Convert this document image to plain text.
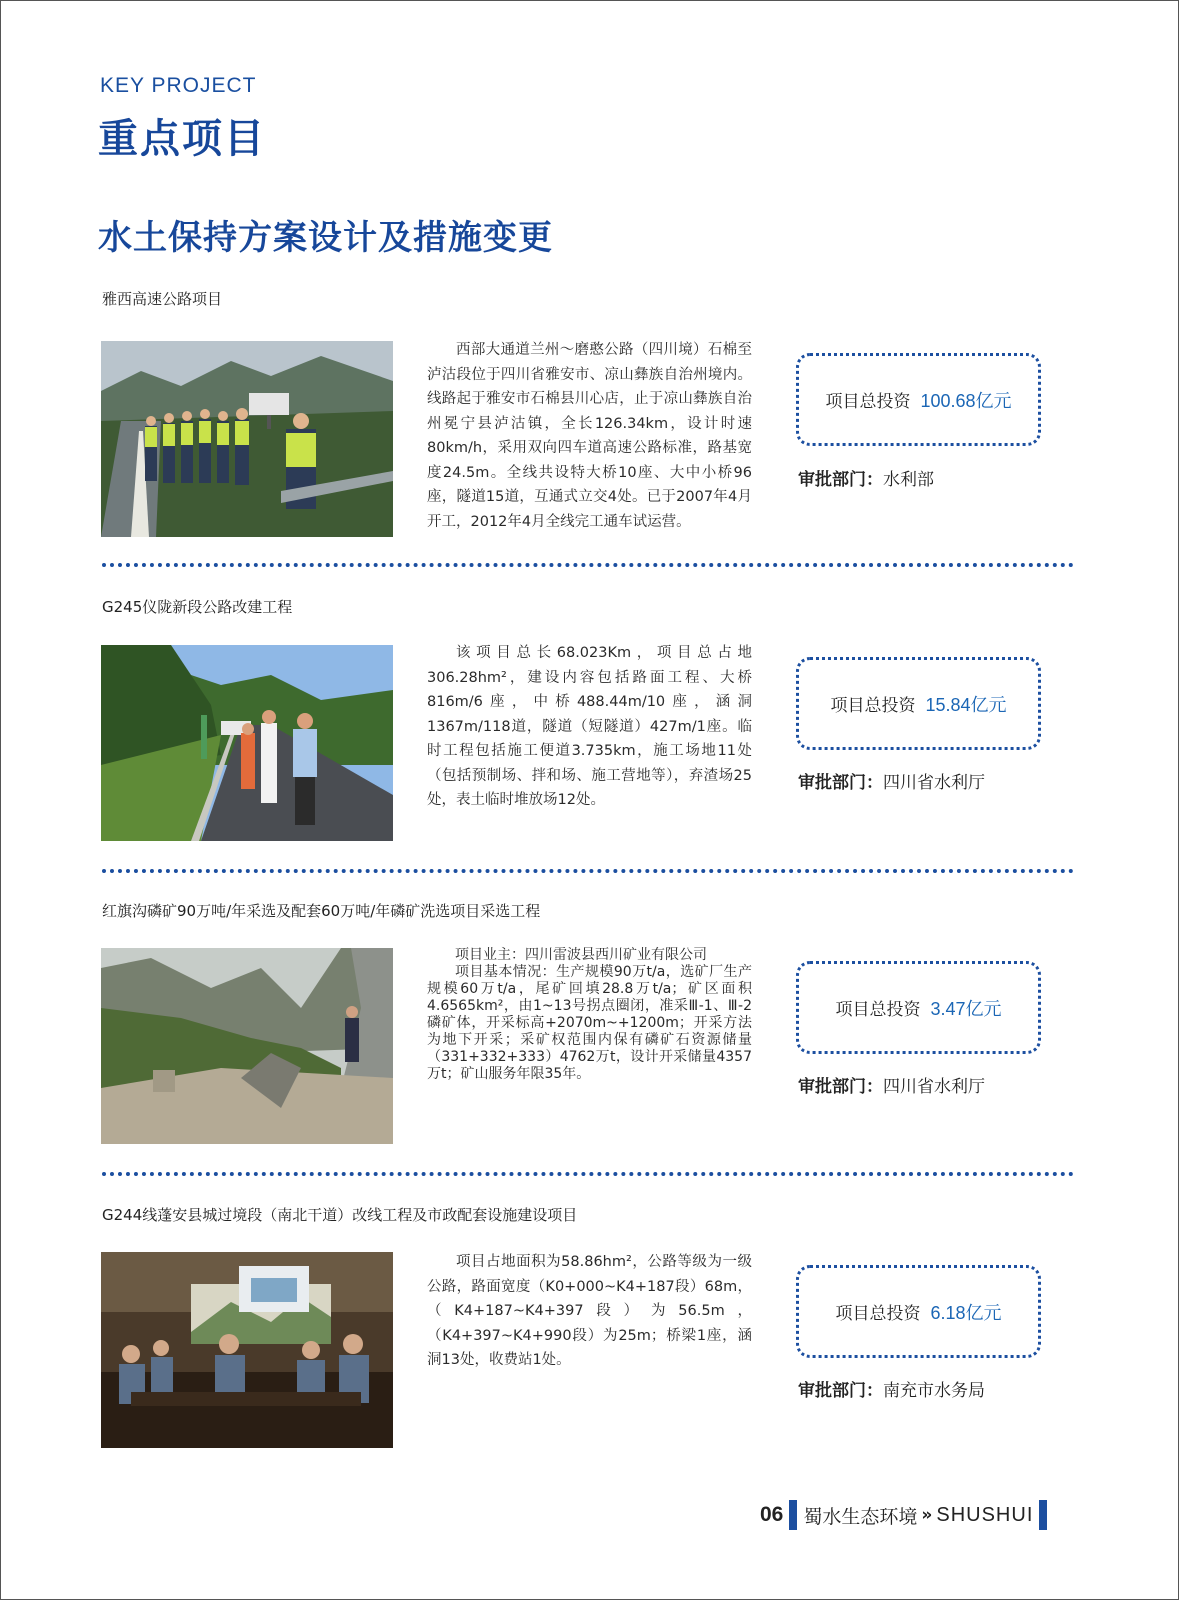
KEY PROJECT
重点项目
水土保持方案设计及措施变更
雅西高速公路项目

西部大通道兰州～磨憨公路（四川境）石棉至泸沽段位于四川省雅安市、凉山彝族自治州境内。线路起于雅安市石棉县川心店，止于凉山彝族自治州冕宁县泸沽镇，全长126.34km，设计时速80km/h，采用双向四车道高速公路标准，路基宽度24.5m。全线共设特大桥10座、大中小桥96座，隧道15道，互通式立交4处。已于2007年4月开工，2012年4月全线完工通车试运营。

项目总投资 100.68亿元
审批部门：水利部
G245仪陇新段公路改建工程

该项目总长68.023Km，项目总占地306.28hm²，建设内容包括路面工程、大桥816m/6座，中桥488.44m/10座，涵洞1367m/118道，隧道（短隧道）427m/1座。临时工程包括施工便道3.735km，施工场地11处（包括预制场、拌和场、施工营地等），弃渣场25处，表土临时堆放场12处。

项目总投资 15.84亿元
审批部门：四川省水利厅
红旗沟磷矿90万吨/年采选及配套60万吨/年磷矿洗选项目采选工程

项目业主：四川雷波县西川矿业有限公司

项目基本情况：生产规模90万t/a，选矿厂生产规模60万t/a，尾矿回填28.8万t/a；矿区面积4.6565km²，由1~13号拐点圈闭，准采Ⅲ-1、Ⅲ-2磷矿体，开采标高+2070m~+1200m；开采方法为地下开采；采矿权范围内保有磷矿石资源储量（331+332+333）4762万t，设计开采储量4357万t；矿山服务年限35年。

项目总投资 3.47亿元
审批部门：四川省水利厅
G244线蓬安县城过境段（南北干道）改线工程及市政配套设施建设项目

项目占地面积为58.86hm²，公路等级为一级公路，路面宽度（K0+000~K4+187段）68m，（K4+187~K4+397段）为56.5m，（K4+397~K4+990段）为25m；桥梁1座，涵洞13处，收费站1处。

项目总投资 6.18亿元
审批部门：南充市水务局
06 蜀水生态环境 » SHUSHUI
